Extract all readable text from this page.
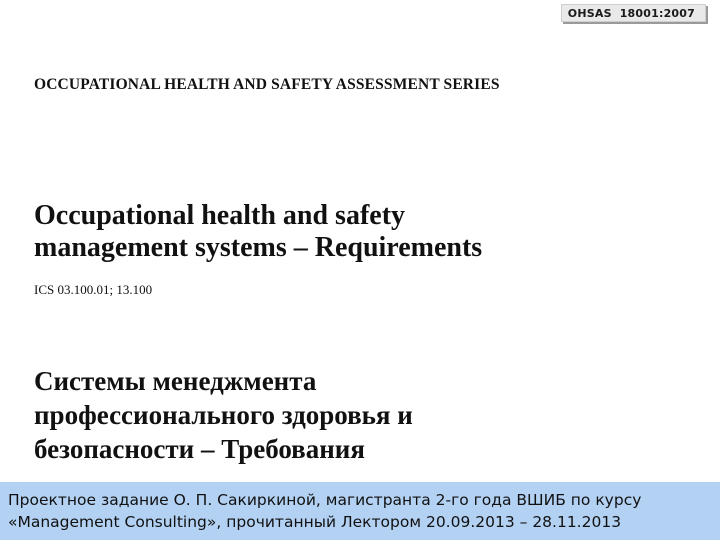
OHSAS 18001:2007
OCCUPATIONAL HEALTH AND SAFETY ASSESSMENT SERIES
Occupational health and safety
management systems – Requirements

ICS 03.100.01; 13.100

Системы менеджмента
профессионального здоровья и
безопасности – Требования

Проектное задание О. П. Сакиркиной, магистранта 2-го года ВШИБ по курсу «Management Consulting», прочитанный Лектором 20.09.2013 – 28.11.2013
